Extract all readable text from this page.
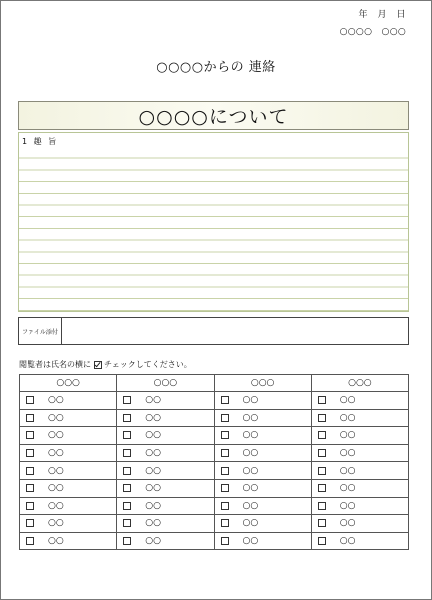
年　月　日
○○○○　○○○
○○○○からの 連絡
○○○○について
1 趣 旨
ファイル添付
閲覧者は氏名の横に チェックしてください。
○○○	○○○	○○○	○○○

○○	○○	○○	○○

○○	○○	○○	○○

○○	○○	○○	○○

○○	○○	○○	○○

○○	○○	○○	○○

○○	○○	○○	○○

○○	○○	○○	○○

○○	○○	○○	○○

○○	○○	○○	○○
